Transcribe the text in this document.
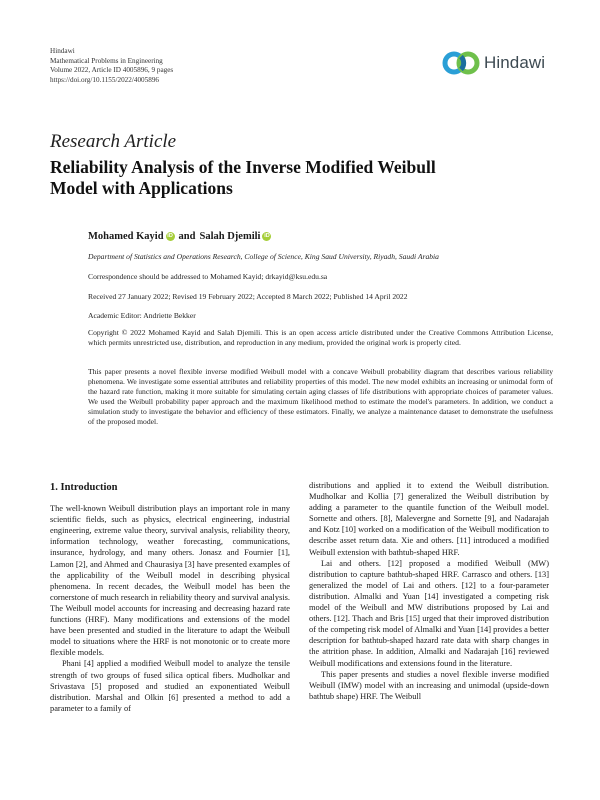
Hindawi
Mathematical Problems in Engineering
Volume 2022, Article ID 4005896, 9 pages
https://doi.org/10.1155/2022/4005896
Hindawi
Research Article
Reliability Analysis of the Inverse Modified Weibull
Model with Applications
Mohamed Kayid iD and Salah Djemili iD
Department of Statistics and Operations Research, College of Science, King Saud University, Riyadh, Saudi Arabia
Correspondence should be addressed to Mohamed Kayid; drkayid@ksu.edu.sa
Received 27 January 2022; Revised 19 February 2022; Accepted 8 March 2022; Published 14 April 2022
Academic Editor: Andriette Bekker
Copyright © 2022 Mohamed Kayid and Salah Djemili. This is an open access article distributed under the Creative Commons Attribution License, which permits unrestricted use, distribution, and reproduction in any medium, provided the original work is properly cited.
This paper presents a novel flexible inverse modified Weibull model with a concave Weibull probability diagram that describes various reliability phenomena. We investigate some essential attributes and reliability properties of this model. The new model exhibits an increasing or unimodal form of the hazard rate function, making it more suitable for simulating certain aging classes of life distributions with appropriate choices of parameter values. We used the Weibull probability paper approach and the maximum likelihood method to estimate the model's parameters. In addition, we conduct a simulation study to investigate the behavior and efficiency of these estimators. Finally, we analyze a maintenance dataset to demonstrate the usefulness of the proposed model.
1. Introduction

The well-known Weibull distribution plays an important role in many scientific fields, such as physics, electrical engineering, industrial engineering, extreme value theory, survival analysis, reliability theory, information technology, weather forecasting, communications, insurance, hydrology, and many others. Jonasz and Fournier [1], Lamon [2], and Ahmed and Chaurasiya [3] have presented examples of the applicability of the Weibull model in describing physical phenomena. In recent decades, the Weibull model has been the cornerstone of much research in reliability theory and survival analysis. The Weibull model accounts for increasing and decreasing hazard rate functions (HRF). Many modifications and extensions of the model have been presented and studied in the literature to adapt the Weibull model to situations where the HRF is not monotonic or to create more flexible models.

Phani [4] applied a modified Weibull model to analyze the tensile strength of two groups of fused silica optical fibers. Mudholkar and Srivastava [5] proposed and studied an exponentiated Weibull distribution. Marshal and Olkin [6] presented a method to add a parameter to a family of

distributions and applied it to extend the Weibull distribution. Mudholkar and Kollia [7] generalized the Weibull distribution by adding a parameter to the quantile function of the Weibull model. Sornette and others. [8], Malevergne and Sornette [9], and Nadarajah and Kotz [10] worked on a modification of the Weibull modification to describe asset return data. Xie and others. [11] introduced a modified Weibull extension with bathtub-shaped HRF.

Lai and others. [12] proposed a modified Weibull (MW) distribution to capture bathtub-shaped HRF. Carrasco and others. [13] generalized the model of Lai and others. [12] to a four-parameter distribution. Almalki and Yuan [14] investigated a competing risk model of the Weibull and MW distributions proposed by Lai and others. [12]. Thach and Bris [15] urged that their improved distribution of the competing risk model of Almalki and Yuan [14] provides a better description for bathtub-shaped hazard rate data with sharp changes in the attrition phase. In addition, Almalki and Nadarajah [16] reviewed Weibull modifications and extensions found in the literature.

This paper presents and studies a novel flexible inverse modified Weibull (IMW) model with an increasing and unimodal (upside-down bathtub shape) HRF. The Weibull
